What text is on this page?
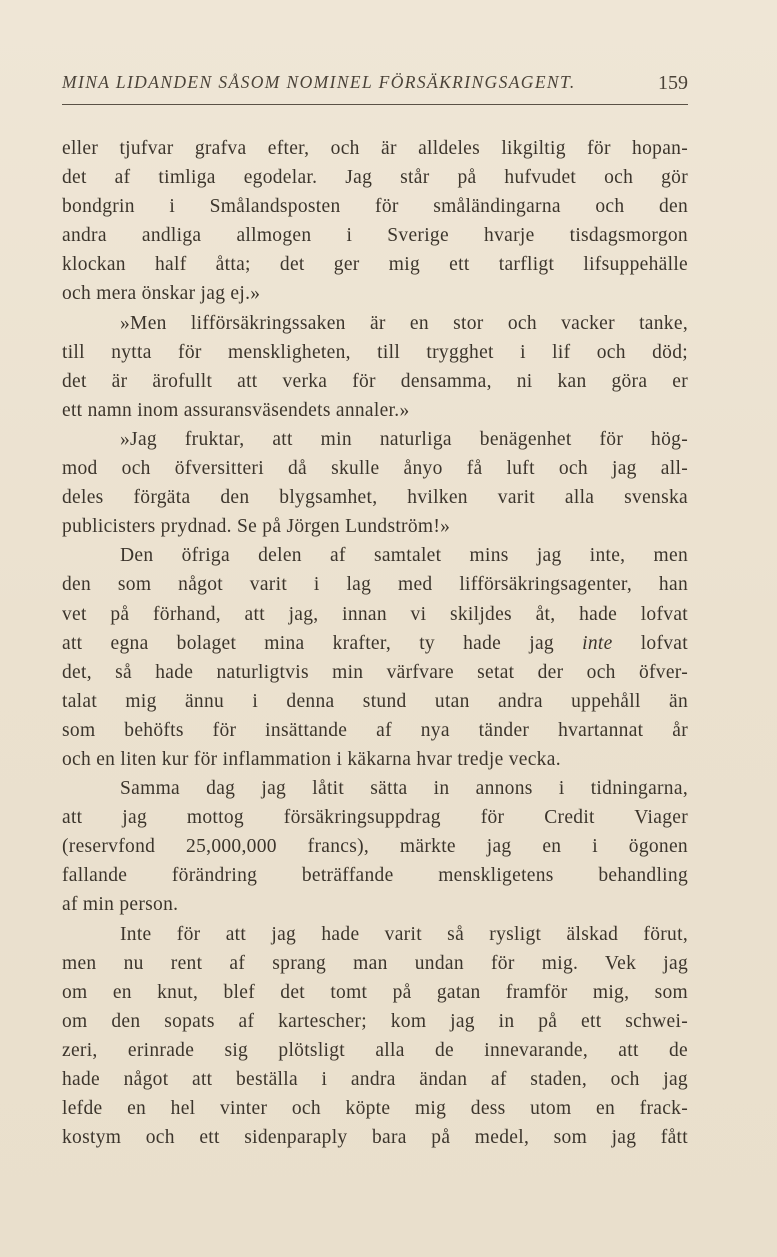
MINA LIDANDEN SÅSOM NOMINEL FÖRSÄKRINGSAGENT.	159
eller tjufvar grafva efter, och är alldeles likgiltig för hopan-
det af timliga egodelar. Jag står på hufvudet och gör
bondgrin i Smålandsposten för småländingarna och den
andra andliga allmogen i Sverige hvarje tisdagsmorgon
klockan half åtta; det ger mig ett tarfligt lifsuppehälle
och mera önskar jag ej.»
»Men lifförsäkringssaken är en stor och vacker tanke,
till nytta för menskligheten, till trygghet i lif och död;
det är ärofullt att verka för densamma, ni kan göra er
ett namn inom assuransväsendets annaler.»
»Jag fruktar, att min naturliga benägenhet för hög-
mod och öfversitteri då skulle ånyo få luft och jag all-
deles förgäta den blygsamhet, hvilken varit alla svenska
publicisters prydnad. Se på Jörgen Lundström!»
Den öfriga delen af samtalet mins jag inte, men
den som något varit i lag med lifförsäkringsagenter, han
vet på förhand, att jag, innan vi skiljdes åt, hade lofvat
att egna bolaget mina krafter, ty hade jag inte lofvat
det, så hade naturligtvis min värfvare setat der och öfver-
talat mig ännu i denna stund utan andra uppehåll än
som behöfts för insättande af nya tänder hvartannat år
och en liten kur för inflammation i käkarna hvar tredje vecka.
Samma dag jag låtit sätta in annons i tidningarna,
att jag mottog försäkringsuppdrag för Credit Viager
(reservfond 25,000,000 francs), märkte jag en i ögonen
fallande förändring beträffande menskligetens behandling
af min person.
Inte för att jag hade varit så rysligt älskad förut,
men nu rent af sprang man undan för mig. Vek jag
om en knut, blef det tomt på gatan framför mig, som
om den sopats af kartescher; kom jag in på ett schwei-
zeri, erinrade sig plötsligt alla de innevarande, att de
hade något att beställa i andra ändan af staden, och jag
lefde en hel vinter och köpte mig dess utom en frack-
kostym och ett sidenparaply bara på medel, som jag fått
